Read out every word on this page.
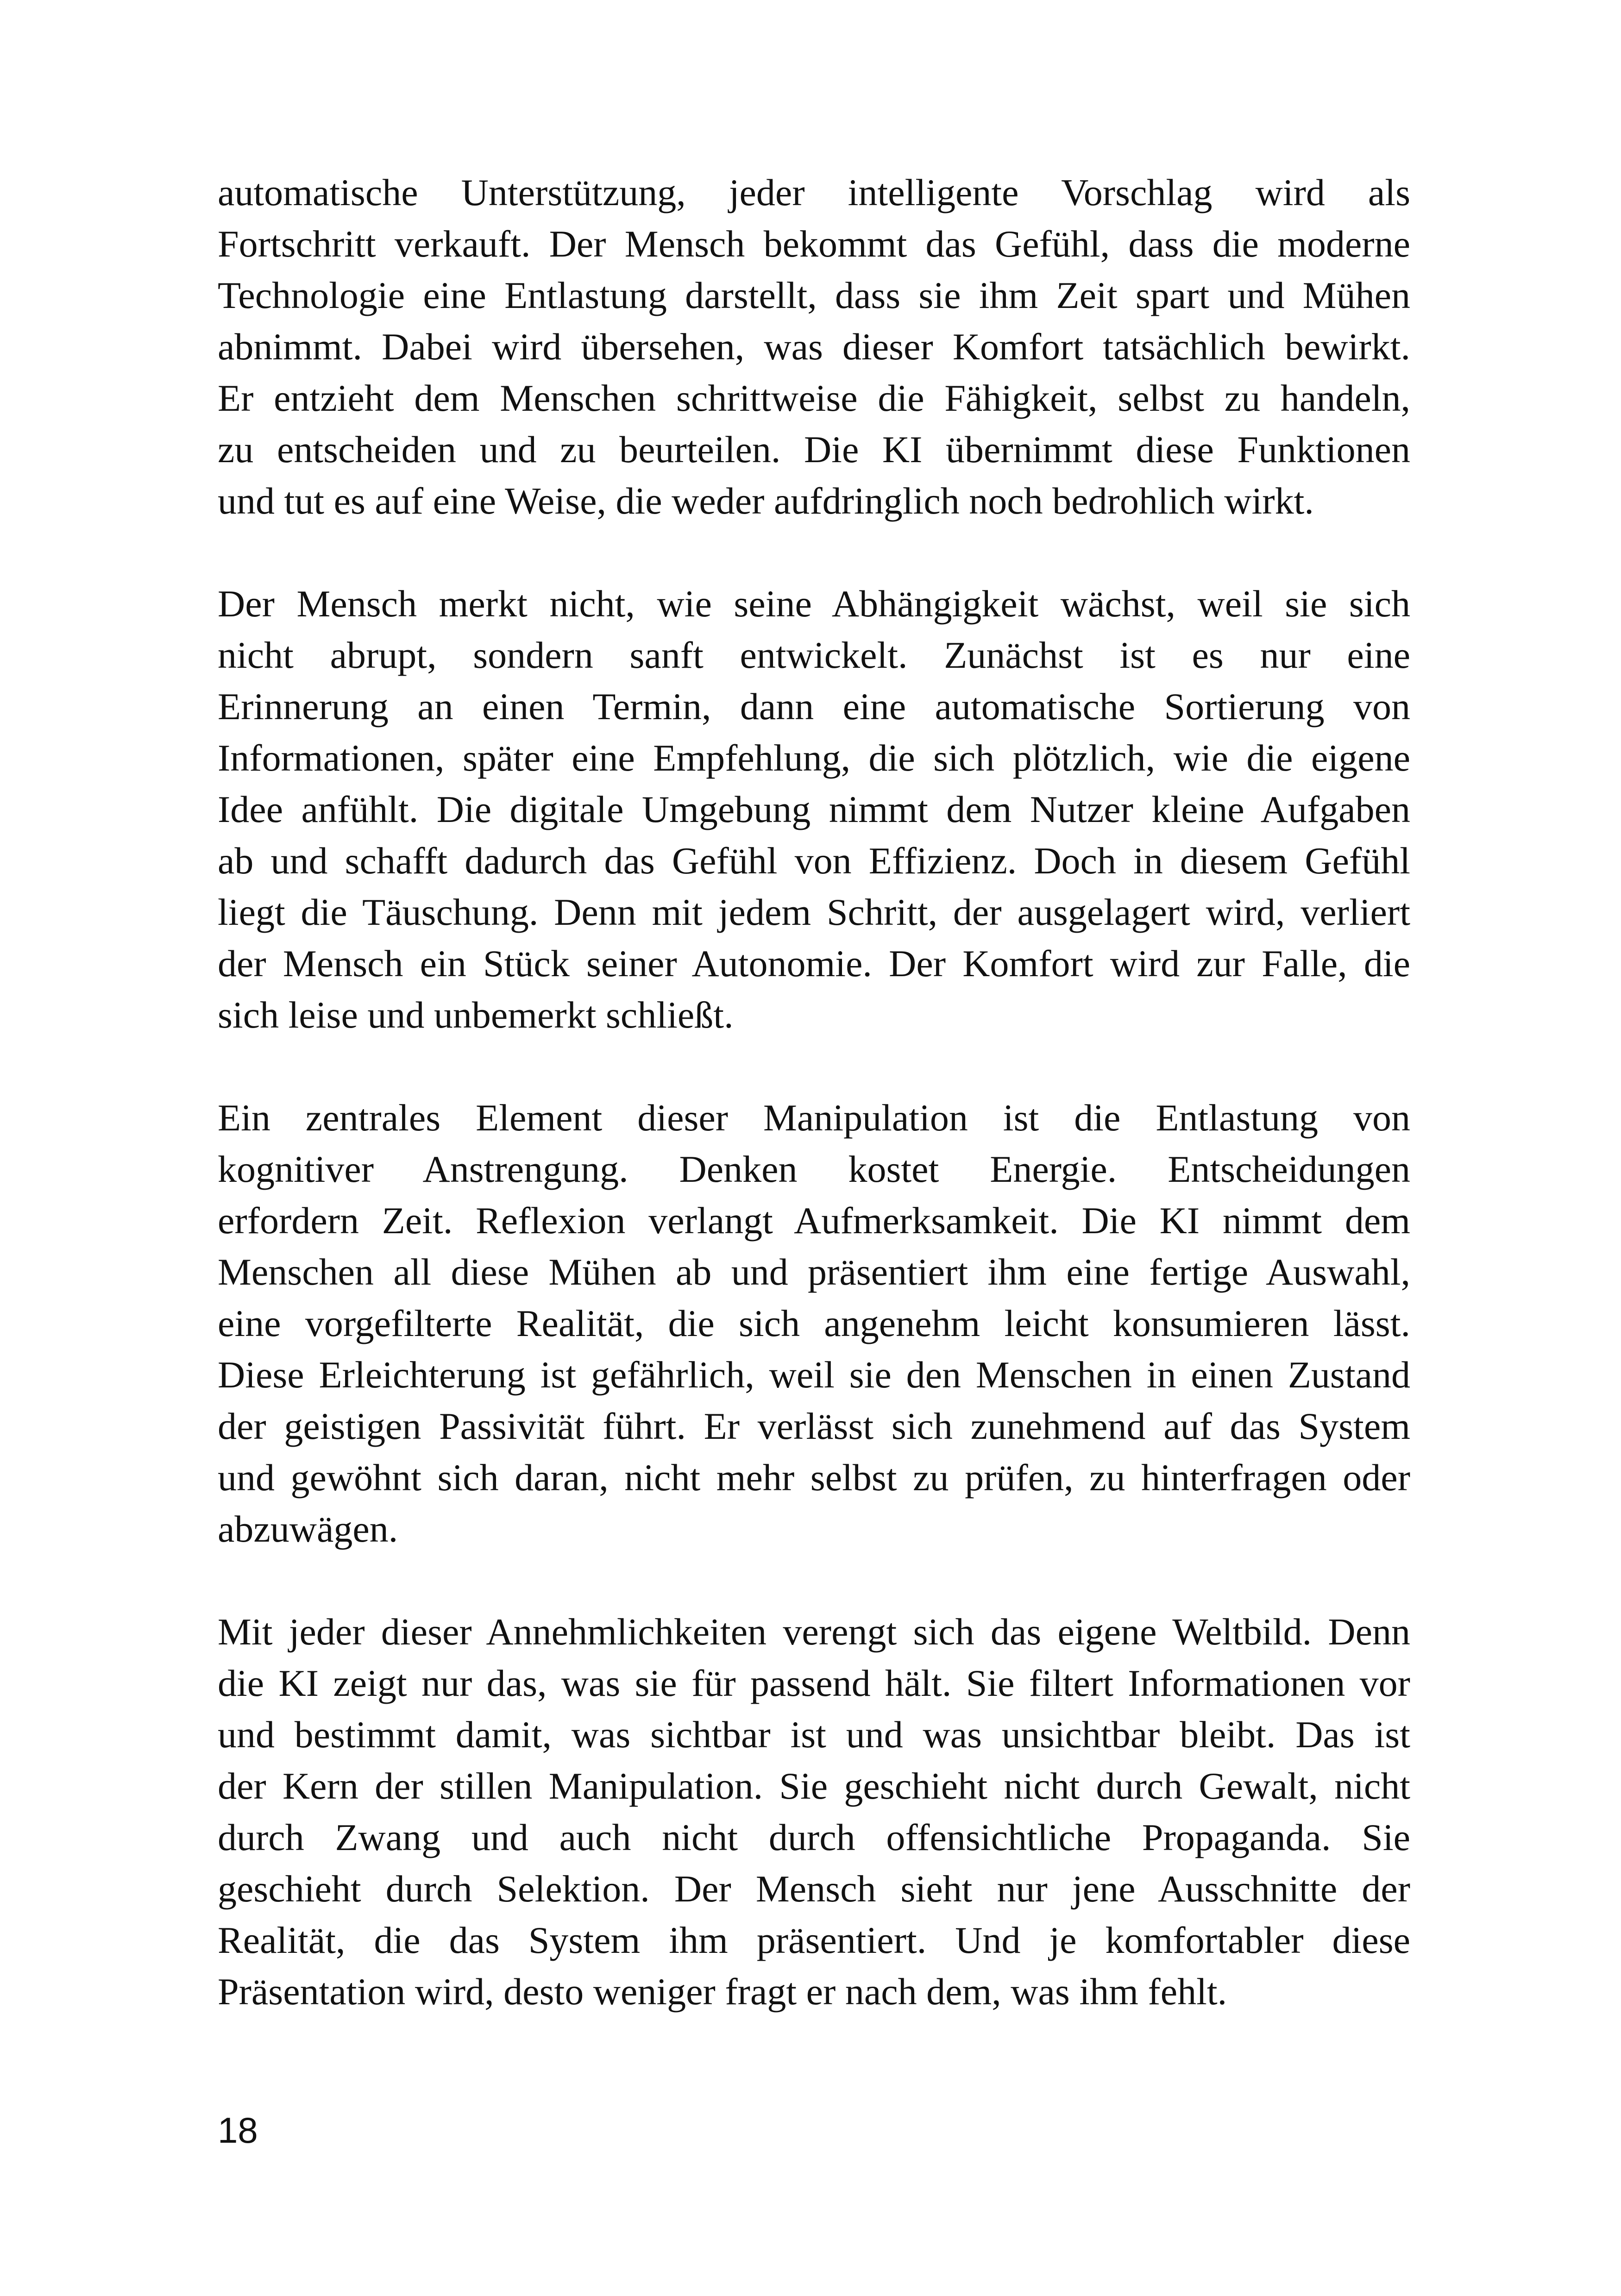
automatische Unterstützung, jeder intelligente Vorschlag wird als
Fortschritt verkauft. Der Mensch bekommt das Gefühl, dass die moderne
Technologie eine Entlastung darstellt, dass sie ihm Zeit spart und Mühen
abnimmt. Dabei wird übersehen, was dieser Komfort tatsächlich bewirkt.
Er entzieht dem Menschen schrittweise die Fähigkeit, selbst zu handeln,
zu entscheiden und zu beurteilen. Die KI übernimmt diese Funktionen
und tut es auf eine Weise, die weder aufdringlich noch bedrohlich wirkt.

Der Mensch merkt nicht, wie seine Abhängigkeit wächst, weil sie sich
nicht abrupt, sondern sanft entwickelt. Zunächst ist es nur eine
Erinnerung an einen Termin, dann eine automatische Sortierung von
Informationen, später eine Empfehlung, die sich plötzlich, wie die eigene
Idee anfühlt. Die digitale Umgebung nimmt dem Nutzer kleine Aufgaben
ab und schafft dadurch das Gefühl von Effizienz. Doch in diesem Gefühl
liegt die Täuschung. Denn mit jedem Schritt, der ausgelagert wird, verliert
der Mensch ein Stück seiner Autonomie. Der Komfort wird zur Falle, die
sich leise und unbemerkt schließt.

Ein zentrales Element dieser Manipulation ist die Entlastung von
kognitiver Anstrengung. Denken kostet Energie. Entscheidungen
erfordern Zeit. Reflexion verlangt Aufmerksamkeit. Die KI nimmt dem
Menschen all diese Mühen ab und präsentiert ihm eine fertige Auswahl,
eine vorgefilterte Realität, die sich angenehm leicht konsumieren lässt.
Diese Erleichterung ist gefährlich, weil sie den Menschen in einen Zustand
der geistigen Passivität führt. Er verlässt sich zunehmend auf das System
und gewöhnt sich daran, nicht mehr selbst zu prüfen, zu hinterfragen oder
abzuwägen.

Mit jeder dieser Annehmlichkeiten verengt sich das eigene Weltbild. Denn
die KI zeigt nur das, was sie für passend hält. Sie filtert Informationen vor
und bestimmt damit, was sichtbar ist und was unsichtbar bleibt. Das ist
der Kern der stillen Manipulation. Sie geschieht nicht durch Gewalt, nicht
durch Zwang und auch nicht durch offensichtliche Propaganda. Sie
geschieht durch Selektion. Der Mensch sieht nur jene Ausschnitte der
Realität, die das System ihm präsentiert. Und je komfortabler diese
Präsentation wird, desto weniger fragt er nach dem, was ihm fehlt.

18
